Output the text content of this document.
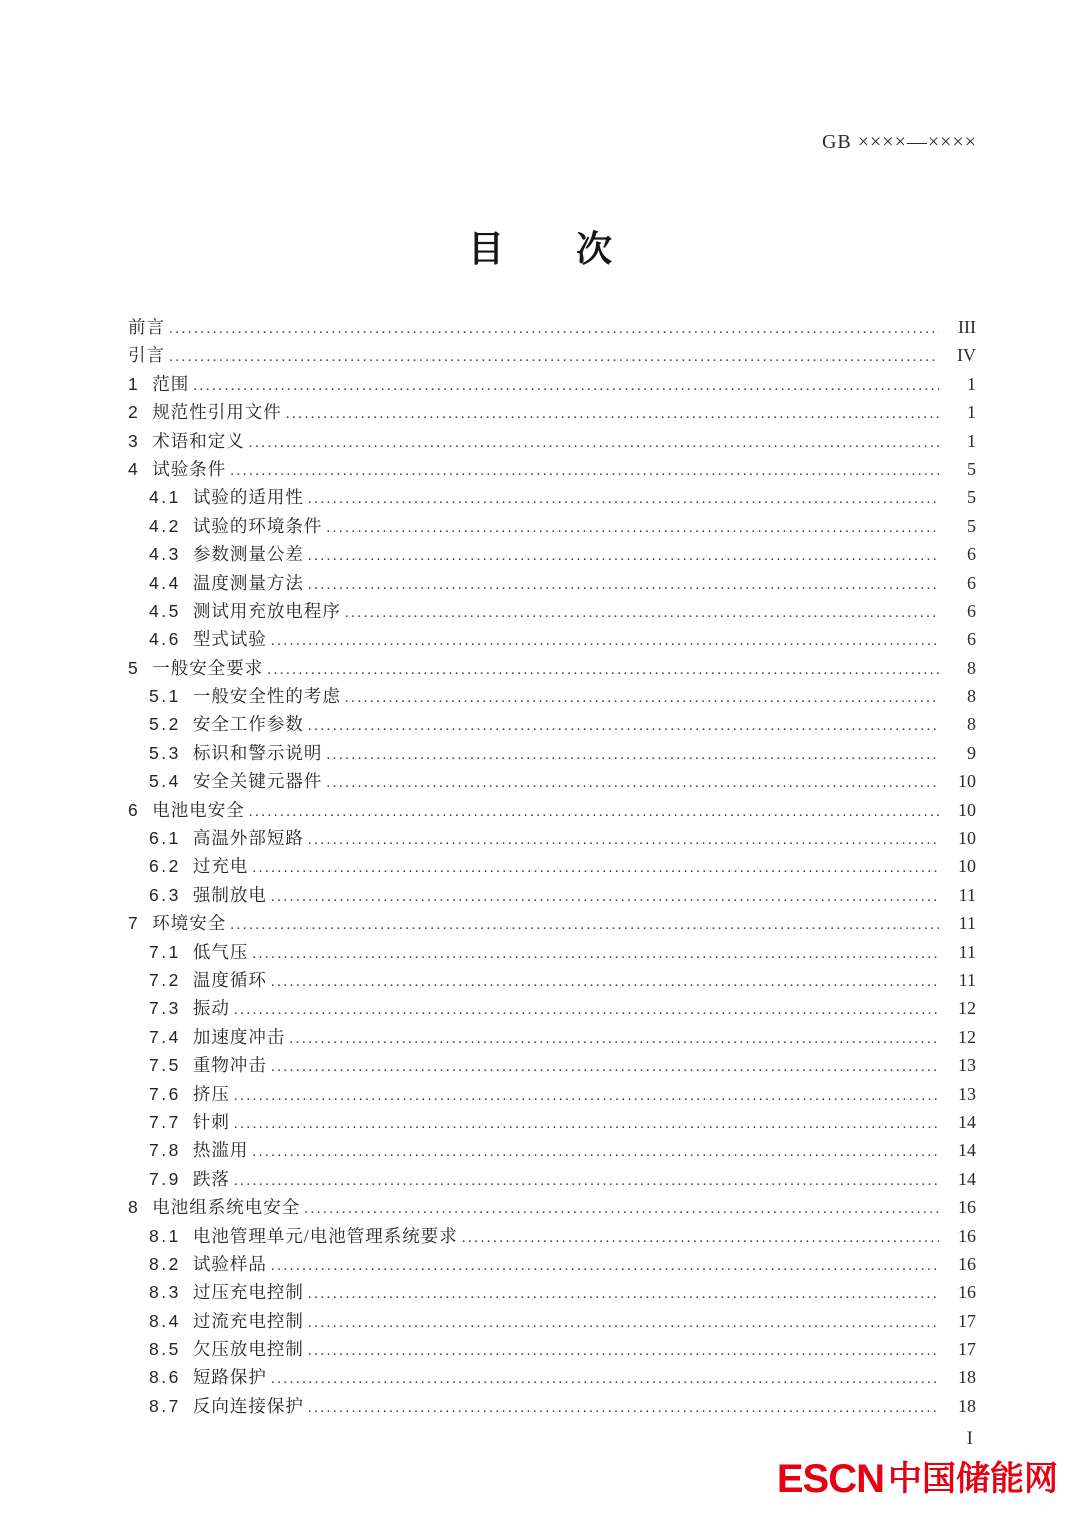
GB ××××—××××
目　　次
前言 .....	III
引言 .....	IV
1 范围 .....	1
2 规范性引用文件 .....	1
3 术语和定义 .....	1
4 试验条件 .....	5
4.1 试验的适用性 .....	5
4.2 试验的环境条件 .....	5
4.3 参数测量公差 .....	6
4.4 温度测量方法 .....	6
4.5 测试用充放电程序 .....	6
4.6 型式试验 .....	6
5 一般安全要求 .....	8
5.1 一般安全性的考虑 .....	8
5.2 安全工作参数 .....	8
5.3 标识和警示说明 .....	9
5.4 安全关键元器件 .....	10
6 电池电安全 .....	10
6.1 高温外部短路 .....	10
6.2 过充电 .....	10
6.3 强制放电 .....	11
7 环境安全 .....	11
7.1 低气压 .....	11
7.2 温度循环 .....	11
7.3 振动 .....	12
7.4 加速度冲击 .....	12
7.5 重物冲击 .....	13
7.6 挤压 .....	13
7.7 针刺 .....	14
7.8 热滥用 .....	14
7.9 跌落 .....	14
8 电池组系统电安全 .....	16
8.1 电池管理单元/电池管理系统要求 .....	16
8.2 试验样品 .....	16
8.3 过压充电控制 .....	16
8.4 过流充电控制 .....	17
8.5 欠压放电控制 .....	17
8.6 短路保护 .....	18
8.7 反向连接保护 .....	18
I
ESCN 中国储能网
